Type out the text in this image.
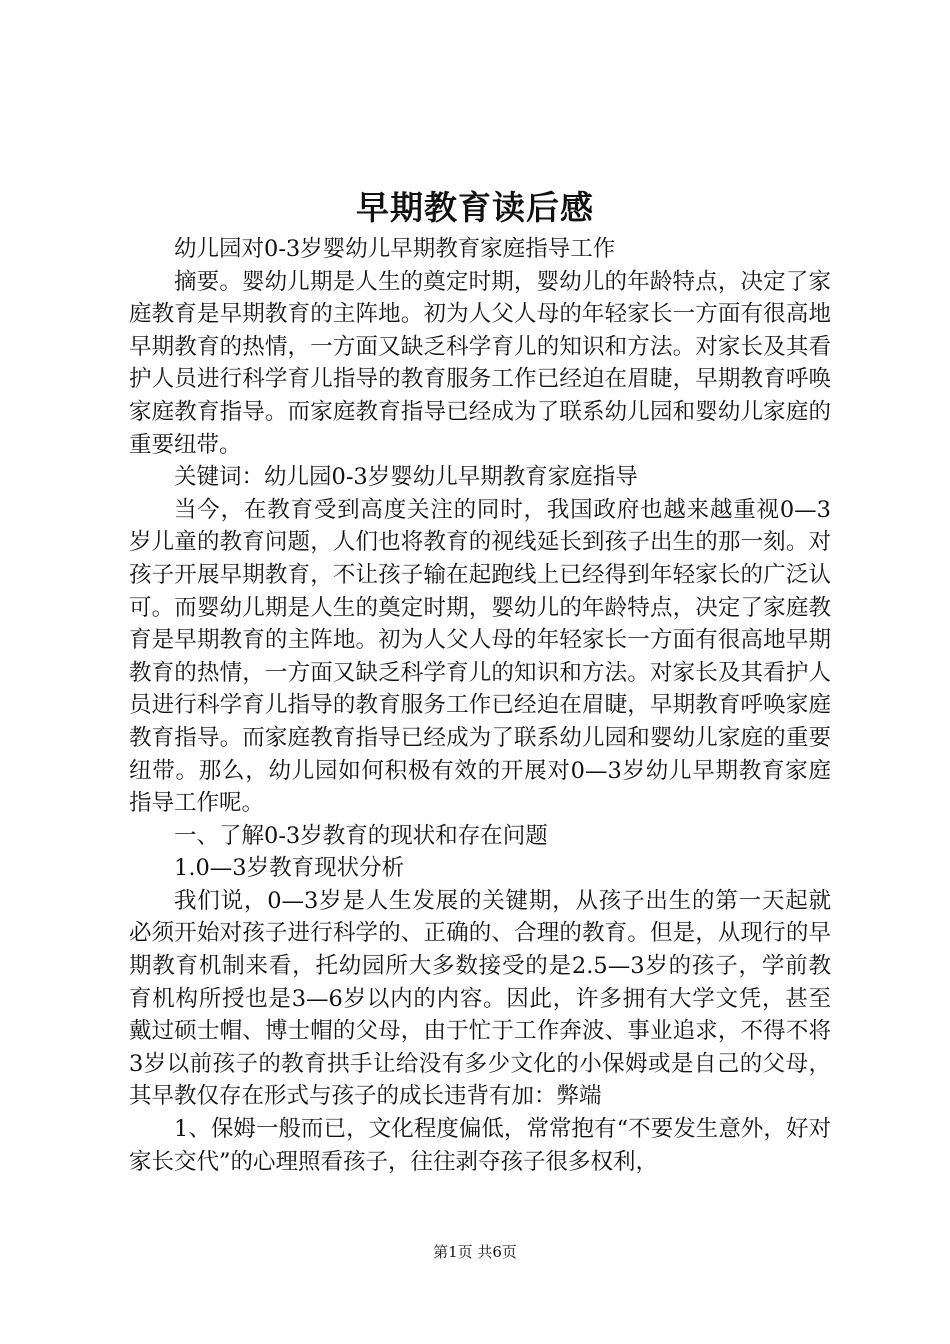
早期教育读后感

幼儿园对0-3岁婴幼儿早期教育家庭指导工作

摘要。婴幼儿期是人生的奠定时期，婴幼儿的年龄特点，决定了家庭教育是早期教育的主阵地。初为人父人母的年轻家长一方面有很高地早期教育的热情，一方面又缺乏科学育儿的知识和方法。对家长及其看护人员进行科学育儿指导的教育服务工作已经迫在眉睫，早期教育呼唤家庭教育指导。而家庭教育指导已经成为了联系幼儿园和婴幼儿家庭的重要纽带。

关键词：幼儿园0-3岁婴幼儿早期教育家庭指导

当今，在教育受到高度关注的同时，我国政府也越来越重视0—3岁儿童的教育问题，人们也将教育的视线延长到孩子出生的那一刻。对孩子开展早期教育，不让孩子输在起跑线上已经得到年轻家长的广泛认可。而婴幼儿期是人生的奠定时期，婴幼儿的年龄特点，决定了家庭教育是早期教育的主阵地。初为人父人母的年轻家长一方面有很高地早期教育的热情，一方面又缺乏科学育儿的知识和方法。对家长及其看护人员进行科学育儿指导的教育服务工作已经迫在眉睫，早期教育呼唤家庭教育指导。而家庭教育指导已经成为了联系幼儿园和婴幼儿家庭的重要纽带。那么，幼儿园如何积极有效的开展对0—3岁幼儿早期教育家庭指导工作呢。

一、了解0-3岁教育的现状和存在问题

1.0—3岁教育现状分析

我们说，0—3岁是人生发展的关键期，从孩子出生的第一天起就必须开始对孩子进行科学的、正确的、合理的教育。但是，从现行的早期教育机制来看，托幼园所大多数接受的是2.5—3岁的孩子，学前教育机构所授也是3—6岁以内的内容。因此，许多拥有大学文凭，甚至戴过硕士帽、博士帽的父母，由于忙于工作奔波、事业追求，不得不将3岁以前孩子的教育拱手让给没有多少文化的小保姆或是自己的父母，其早教仅存在形式与孩子的成长违背有加：弊端

1、保姆一般而已，文化程度偏低，常常抱有“不要发生意外，好对家长交代”的心理照看孩子，往往剥夺孩子很多权利，

第1页 共6页
